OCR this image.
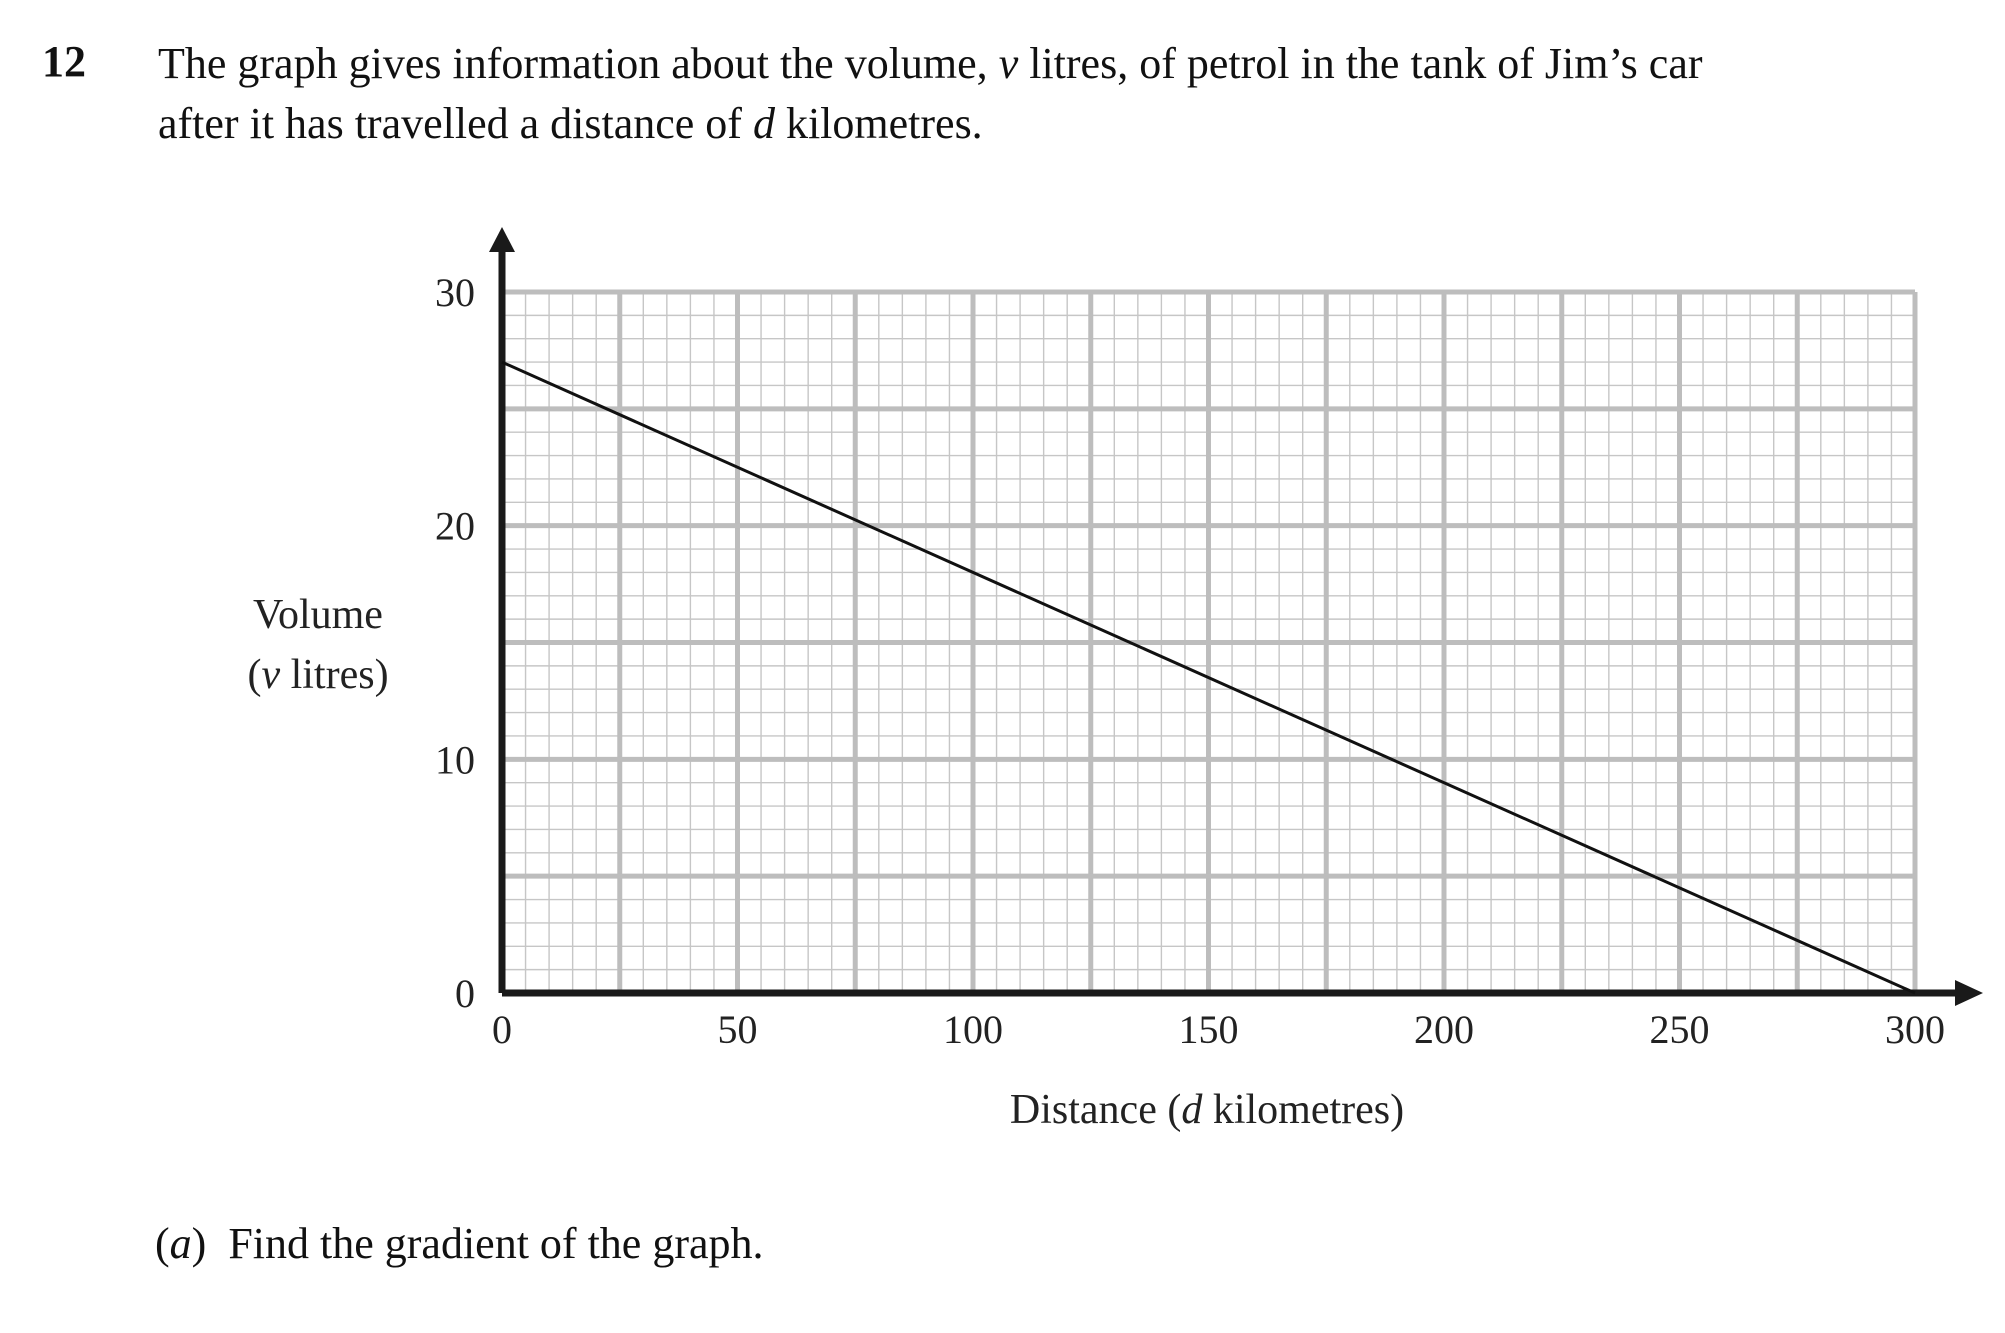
12 The graph gives information about the volume, v litres, of petrol in the tank of Jim’s car
after it has travelled a distance of d kilometres.
0	50	100	150	200	250	300
0
10
20
30
Volume
(v litres)
Distance (d kilometres)
(a) Find the gradient of the graph.
